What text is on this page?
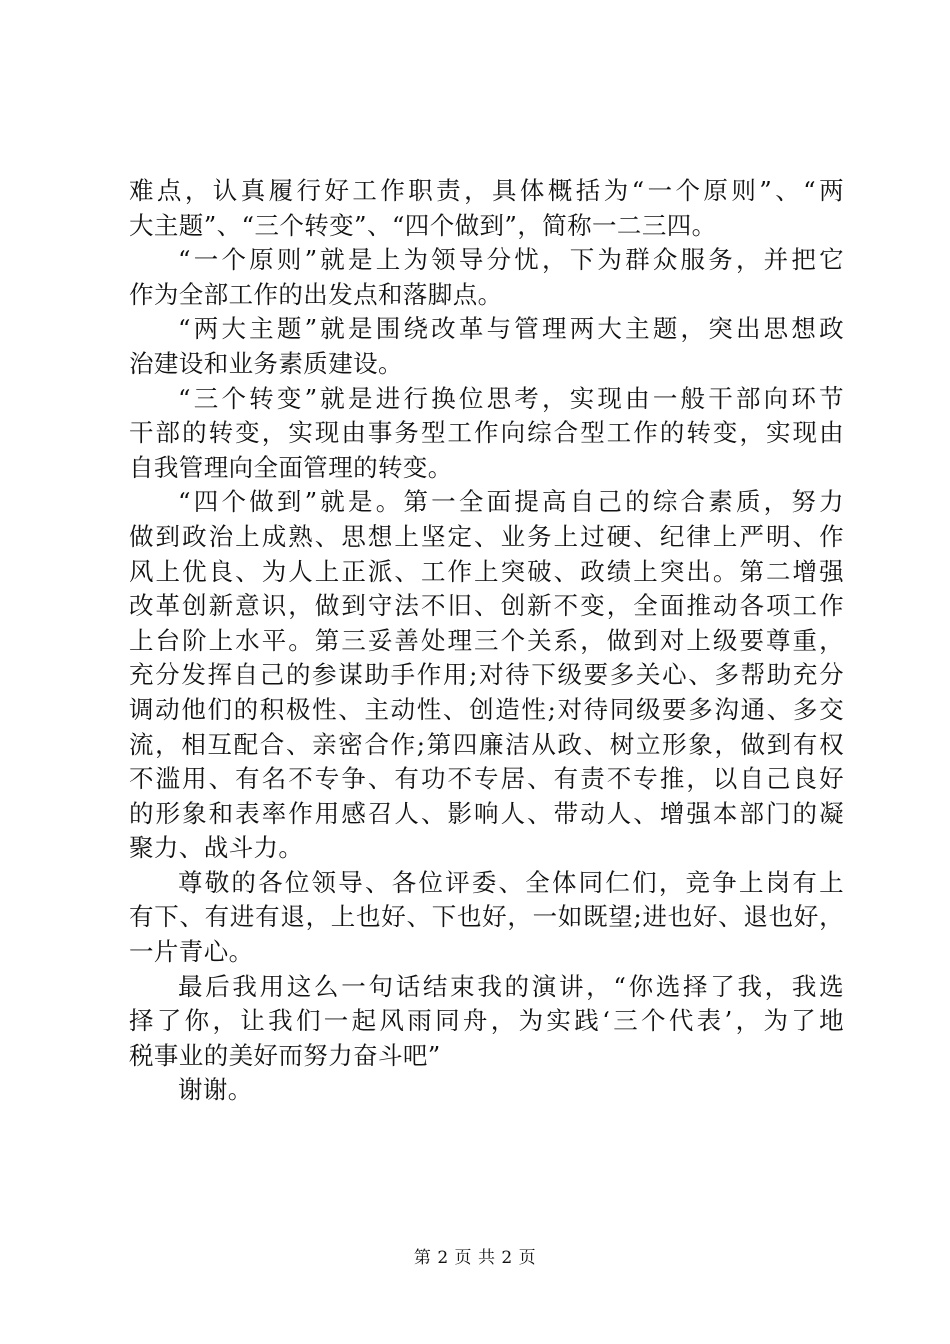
难点，认真履行好工作职责，具体概括为“一个原则”、“两
大主题”、“三个转变”、“四个做到”，简称一二三四。
“一个原则”就是上为领导分忧，下为群众服务，并把它
作为全部工作的出发点和落脚点。
“两大主题”就是围绕改革与管理两大主题，突出思想政
治建设和业务素质建设。
“三个转变”就是进行换位思考，实现由一般干部向环节
干部的转变，实现由事务型工作向综合型工作的转变，实现由
自我管理向全面管理的转变。
“四个做到”就是。第一全面提高自己的综合素质，努力
做到政治上成熟、思想上坚定、业务上过硬、纪律上严明、作
风上优良、为人上正派、工作上突破、政绩上突出。第二增强
改革创新意识，做到守法不旧、创新不变，全面推动各项工作
上台阶上水平。第三妥善处理三个关系，做到对上级要尊重，
充分发挥自己的参谋助手作用;对待下级要多关心、多帮助充分
调动他们的积极性、主动性、创造性;对待同级要多沟通、多交
流，相互配合、亲密合作;第四廉洁从政、树立形象，做到有权
不滥用、有名不专争、有功不专居、有责不专推，以自己良好
的形象和表率作用感召人、影响人、带动人、增强本部门的凝
聚力、战斗力。
尊敬的各位领导、各位评委、全体同仁们，竞争上岗有上
有下、有进有退，上也好、下也好，一如既望;进也好、退也好，
一片青心。
最后我用这么一句话结束我的演讲，“你选择了我，我选
择了你，让我们一起风雨同舟，为实践‘三个代表’，为了地
税事业的美好而努力奋斗吧”
谢谢。
第 2 页 共 2 页
